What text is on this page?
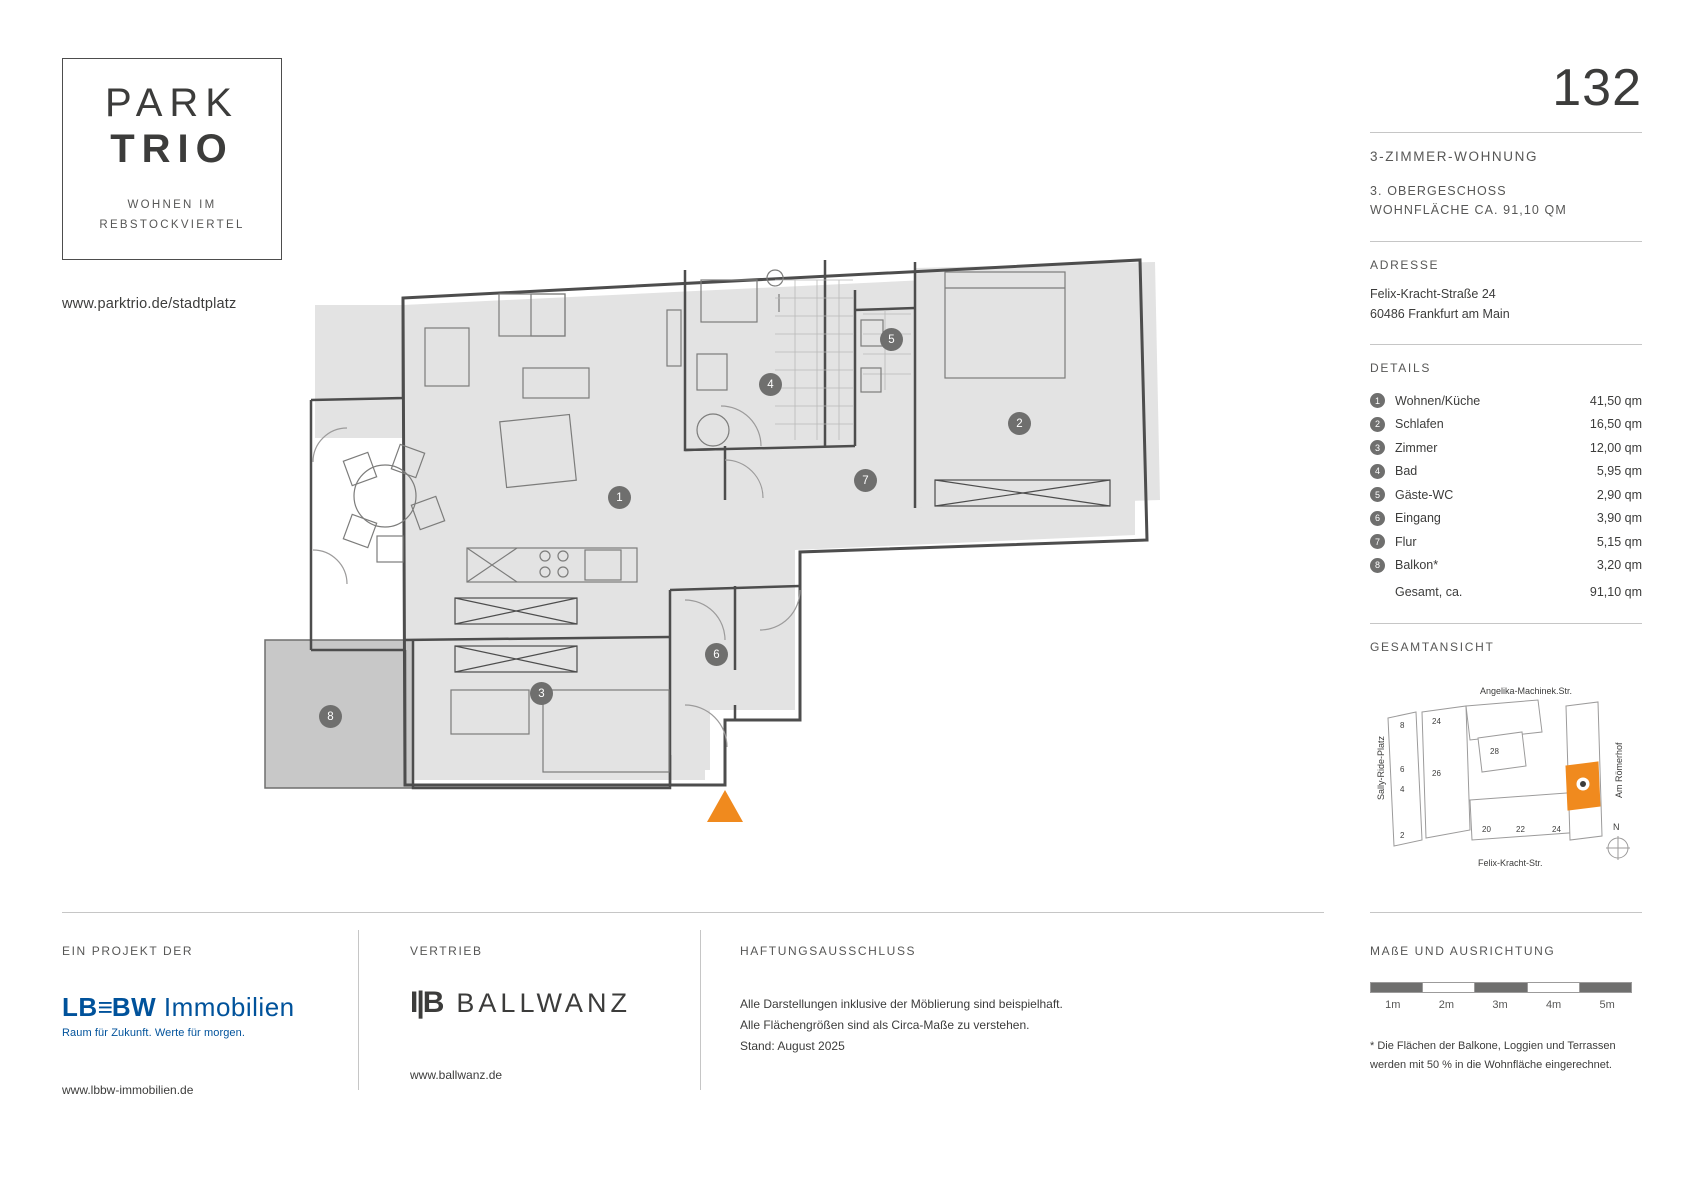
PARK
TRIO
WOHNEN IM
REBSTOCKVIERTEL
www.parktrio.de/stadtplatz
132
3-ZIMMER-WOHNUNG
3. OBERGESCHOSS
WOHNFLÄCHE CA. 91,10 QM
ADRESSE
Felix-Kracht-Straße 24
60486 Frankfurt am Main
DETAILS
1	Wohnen/Küche	41,50 qm
2	Schlafen	16,50 qm
3	Zimmer	12,00 qm
4	Bad	5,95 qm
5	Gäste-WC	2,90 qm
6	Eingang	3,90 qm
7	Flur	5,15 qm
8	Balkon*	3,20 qm
Gesamt, ca.	91,10 qm
GESAMTANSICHT
Angelika-Machinek.Str.
Felix-Kracht-Str.
Sally-Ride-Platz	Am Römerhof
8
6
4
2
24
26
28
20	22	24	N
1
2
3
4
5
6
7
8
EIN PROJEKT DER
LB≡BW Immobilien
Raum für Zukunft. Werte für morgen.
www.lbbw-immobilien.de
VERTRIEB
I|B BALLWANZ
www.ballwanz.de
HAFTUNGSAUSSCHLUSS
Alle Darstellungen inklusive der Möblierung sind beispielhaft.
Alle Flächengrößen sind als Circa-Maße zu verstehen.
Stand: August 2025
MAßE UND AUSRICHTUNG
1m	2m	3m	4m	5m
* Die Flächen der Balkone, Loggien und Terrassen
werden mit 50 % in die Wohnfläche eingerechnet.
